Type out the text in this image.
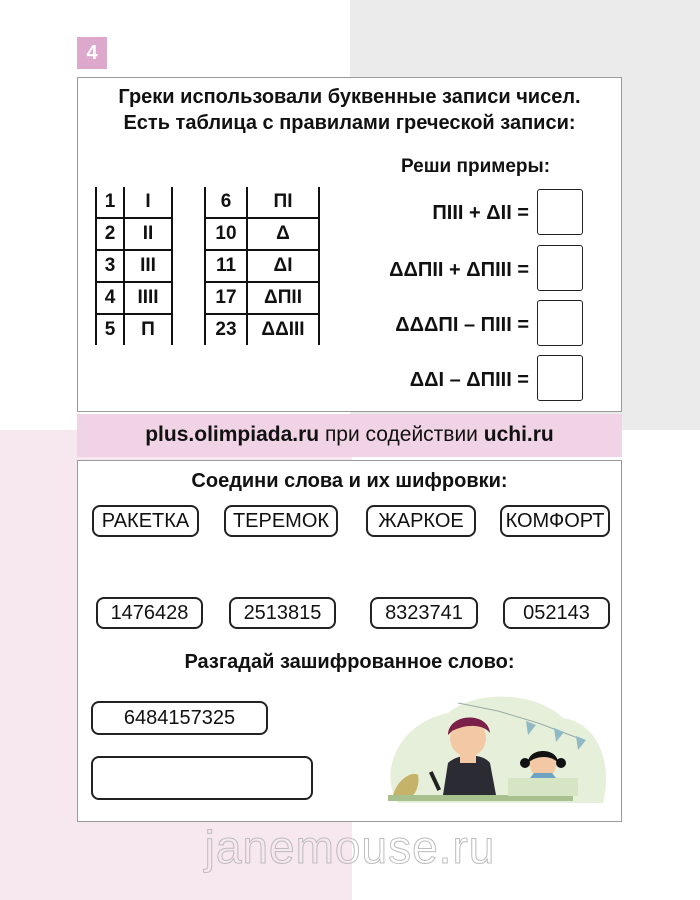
4
Греки использовали буквенные записи чисел.
Есть таблица с правилами греческой записи:
Реши примеры:
1	I
2	II
3	III
4	IIII
5	Π
6	ΠI
10	Δ
11	ΔI
17	ΔΠII
23	ΔΔIII
ΠIII + ΔII =
ΔΔΠII + ΔΠIII =
ΔΔΔΠI – ΠIII =
ΔΔI – ΔΠIII =
plus.olimpiada.ru при содействии uchi.ru
Соедини слова и их шифровки:
РАКЕТКА	ТЕРЕМОК	ЖАРКОЕ	КОМФОРТ
1476428	2513815	8323741	052143
Разгадай зашифрованное слово:
6484157325
janemouse.ru
